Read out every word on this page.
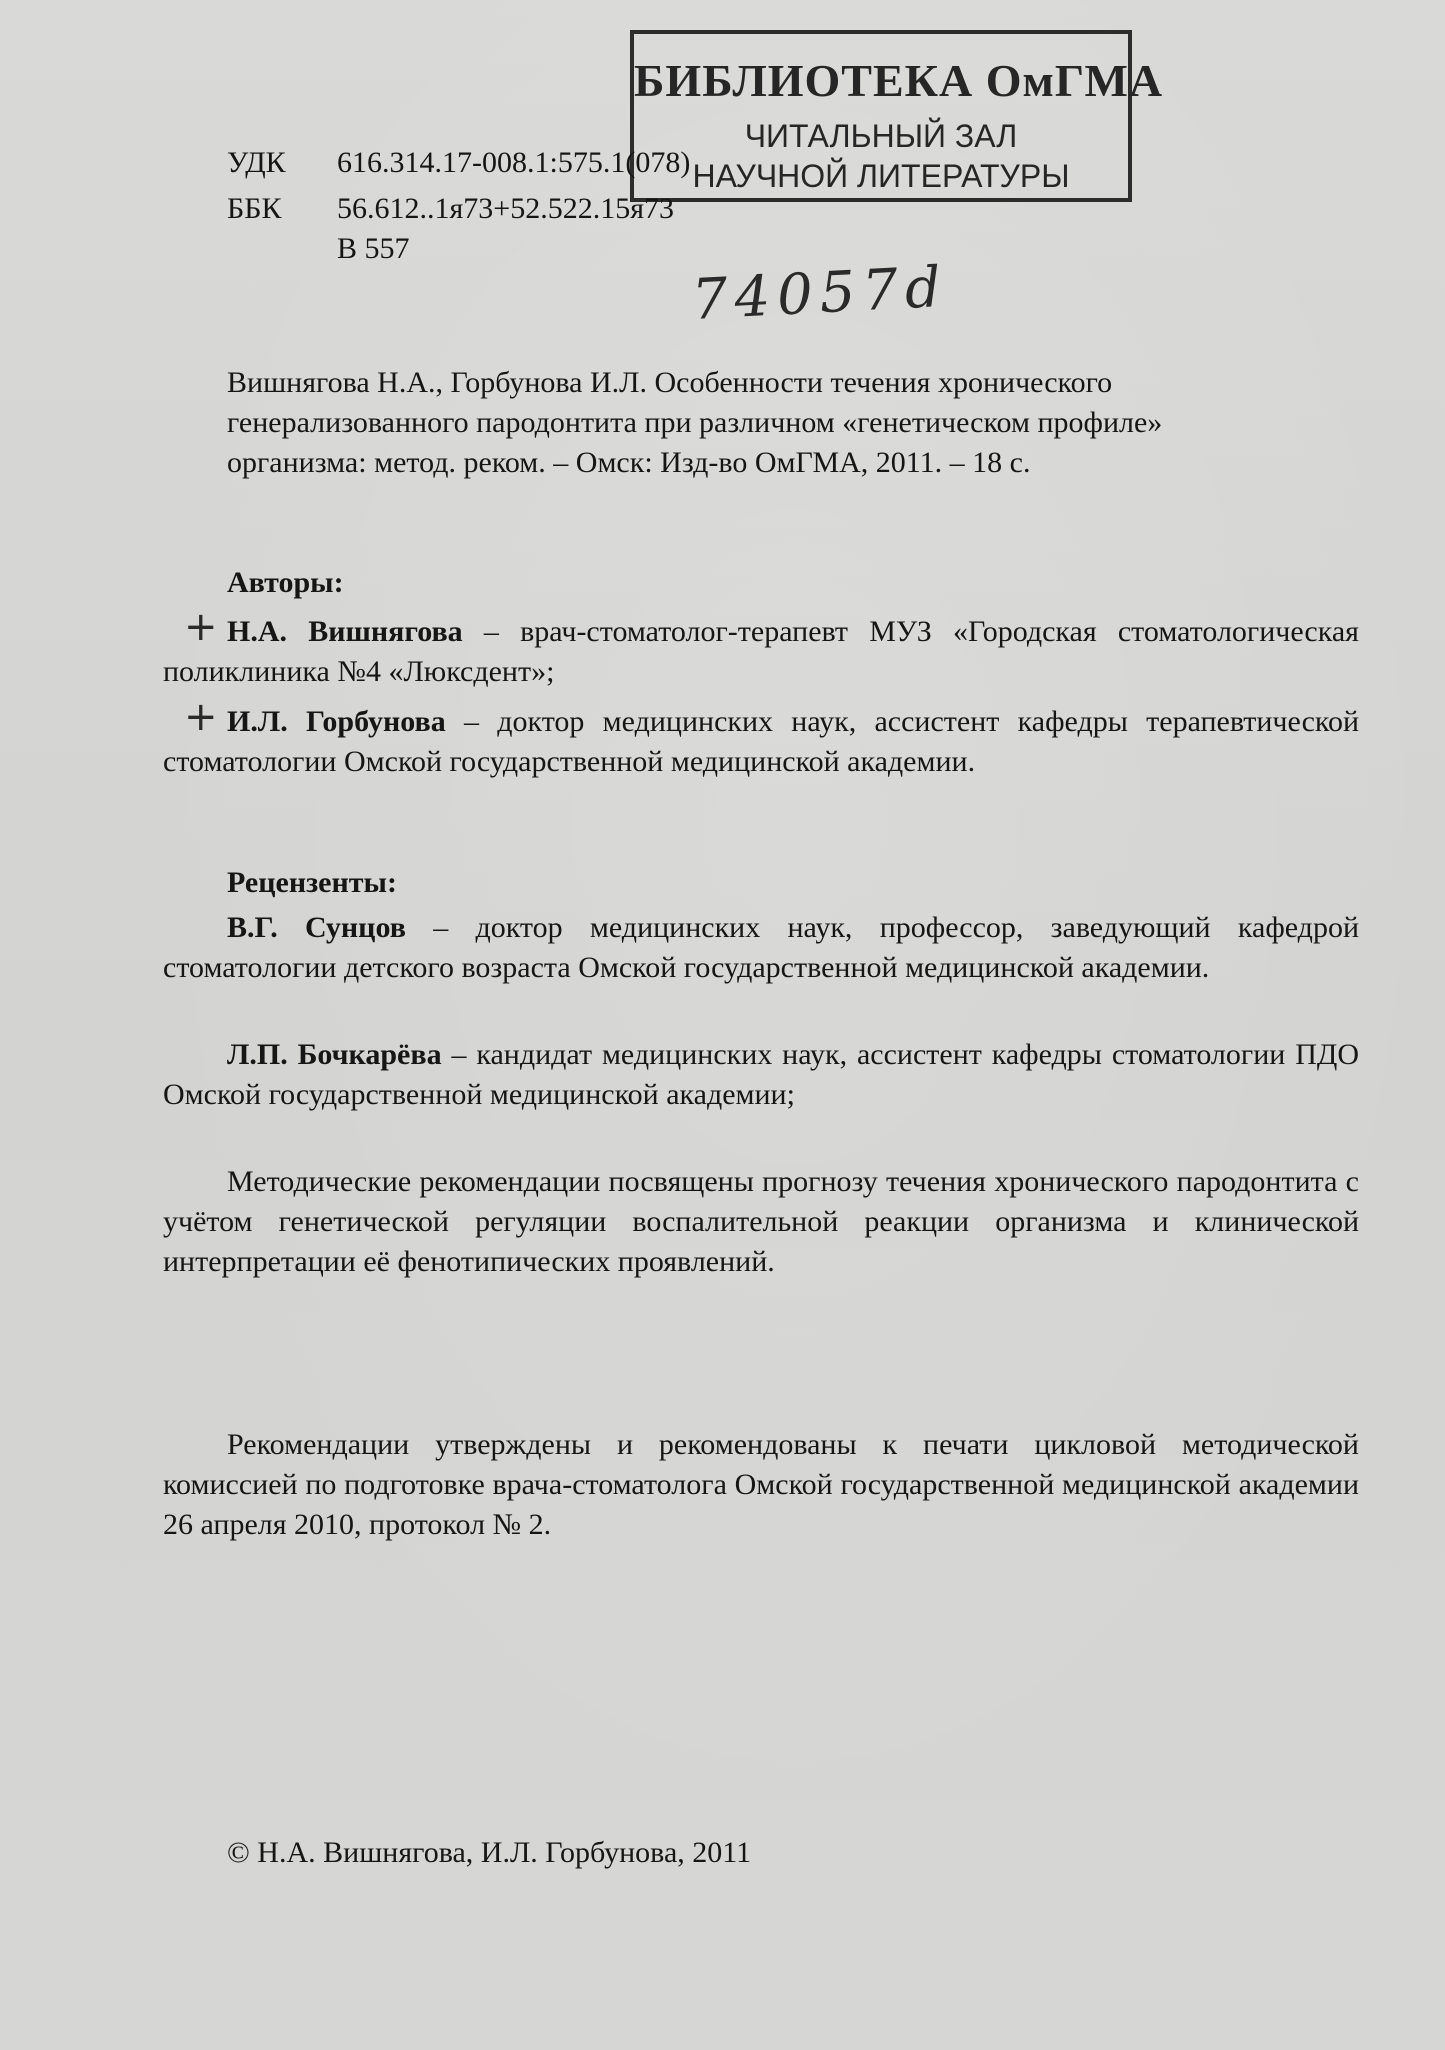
БИБЛИОТЕКА ОмГМА
ЧИТАЛЬНЫЙ ЗАЛ
НАУЧНОЙ ЛИТЕРАТУРЫ
УДК 616.314.17-008.1:575.1(078)
ББК 56.612..1я73+52.522.15я73
В 557
74057d
Вишнягова Н.А., Горбунова И.Л. Особенности течения хронического
генерализованного пародонтита при различном «генетическом профиле»
организма: метод. реком. – Омск: Изд-во ОмГМА, 2011. – 18 с.
Авторы:
+ Н.А. Вишнягова – врач-стоматолог-терапевт МУЗ «Городская стоматологическая поликлиника №4 «Люксдент»;
+ И.Л. Горбунова – доктор медицинских наук, ассистент кафедры терапевтической стоматологии Омской государственной медицинской академии.
Рецензенты:
В.Г. Сунцов – доктор медицинских наук, профессор, заведующий кафедрой стоматологии детского возраста Омской государственной медицинской академии.
Л.П. Бочкарёва – кандидат медицинских наук, ассистент кафедры стоматологии ПДО Омской государственной медицинской академии;

Методические рекомендации посвящены прогнозу течения хронического пародонтита с учётом генетической регуляции воспалительной реакции организма и клинической интерпретации её фенотипических проявлений.

Рекомендации утверждены и рекомендованы к печати цикловой методической комиссией по подготовке врача-стоматолога Омской государственной медицинской академии 26 апреля 2010, протокол № 2.

© Н.А. Вишнягова, И.Л. Горбунова, 2011
